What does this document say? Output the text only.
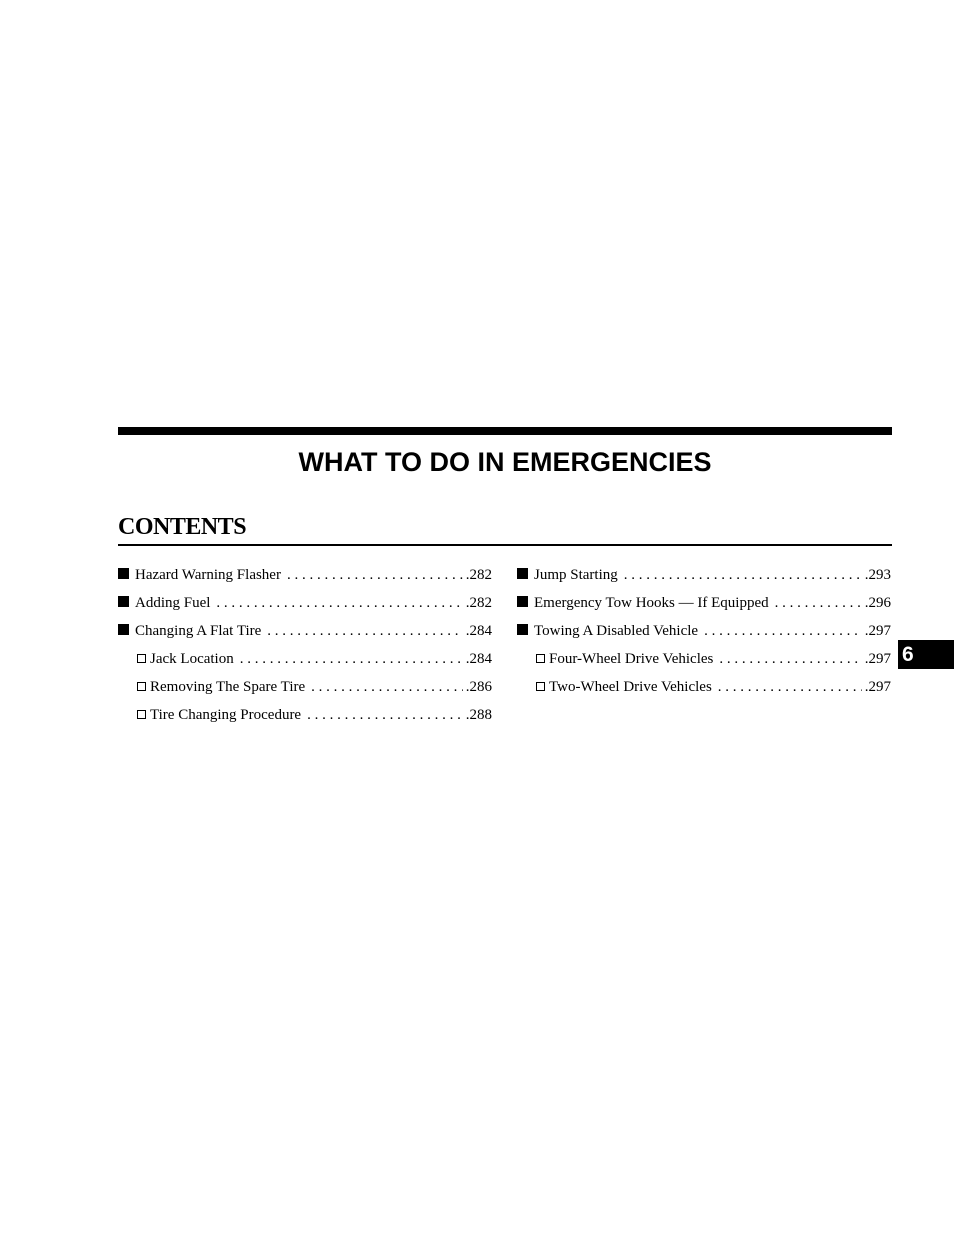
WHAT TO DO IN EMERGENCIES
CONTENTS
Hazard Warning Flasher . . .	.282
Adding Fuel . . .	.282
Changing A Flat Tire . . .	.284
Jack Location . . .	.284
Removing The Spare Tire . . .	.286
Tire Changing Procedure . . .	.288
Jump Starting . . .	.293
Emergency Tow Hooks — If Equipped . . .	.296
Towing A Disabled Vehicle . . .	.297
Four-Wheel Drive Vehicles . . .	.297
Two-Wheel Drive Vehicles . . .	.297
6
